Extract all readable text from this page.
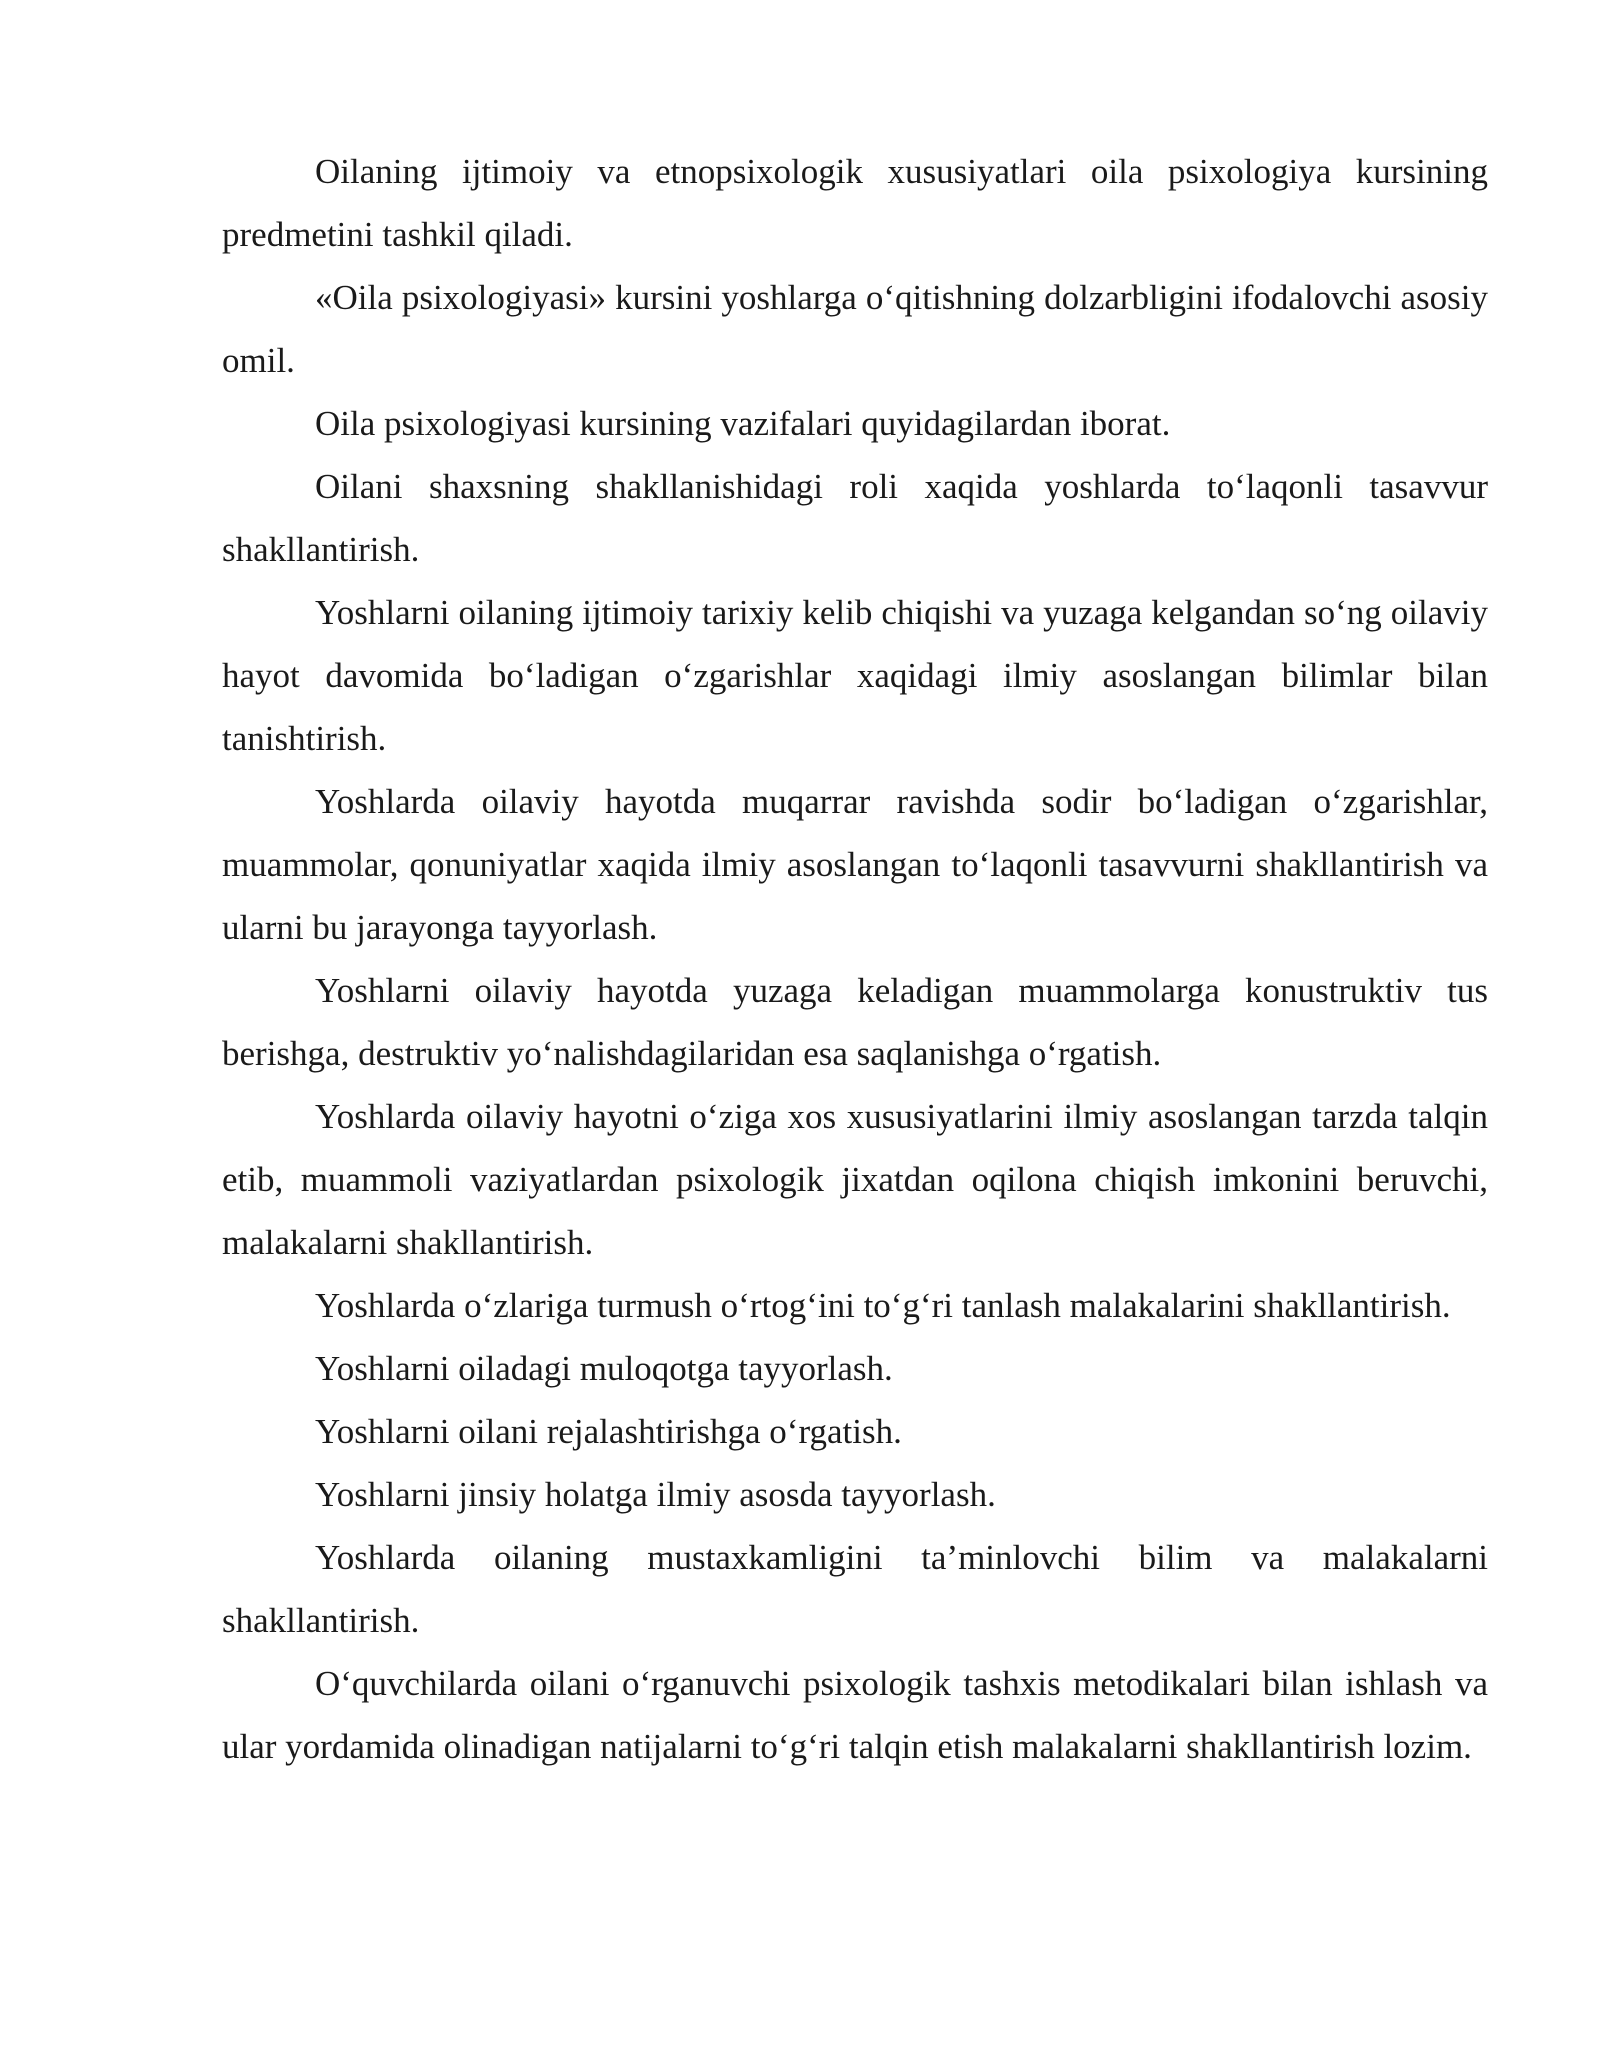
Oilaning ijtimoiy va etnopsixologik xususiyatlari oila psixologiya kursining predmetini tashkil qiladi.

«Oila psixologiyasi» kursini yoshlarga o‘qitishning dolzarbligini ifodalovchi asosiy omil.

Oila psixologiyasi kursining vazifalari quyidagilardan iborat.

Oilani shaxsning shakllanishidagi roli xaqida yoshlarda to‘laqonli tasavvur shakllantirish.

Yoshlarni oilaning ijtimoiy tarixiy kelib chiqishi va yuzaga kelgandan so‘ng oilaviy hayot davomida bo‘ladigan o‘zgarishlar xaqidagi ilmiy asoslangan bilimlar bilan tanishtirish.

Yoshlarda oilaviy hayotda muqarrar ravishda sodir bo‘ladigan o‘zgarishlar, muammolar, qonuniyatlar xaqida ilmiy asoslangan to‘laqonli tasavvurni shakllantirish va ularni bu jarayonga tayyorlash.

Yoshlarni oilaviy hayotda yuzaga keladigan muammolarga konustruktiv tus berishga, destruktiv yo‘nalishdagilaridan esa saqlanishga o‘rgatish.

Yoshlarda oilaviy hayotni o‘ziga xos xususiyatlarini ilmiy asoslangan tarzda talqin etib, muammoli vaziyatlardan psixologik jixatdan oqilona chiqish imkonini beruvchi, malakalarni shakllantirish.

Yoshlarda o‘zlariga turmush o‘rtog‘ini to‘g‘ri tanlash malakalarini shakllantirish.

Yoshlarni oiladagi muloqotga tayyorlash.

Yoshlarni oilani rejalashtirishga o‘rgatish.

Yoshlarni jinsiy holatga ilmiy asosda tayyorlash.

Yoshlarda oilaning mustaxkamligini ta’minlovchi bilim va malakalarni shakllantirish.

O‘quvchilarda oilani o‘rganuvchi psixologik tashxis metodikalari bilan ishlash va ular yordamida olinadigan natijalarni to‘g‘ri talqin etish malakalarni shakllantirish lozim.
